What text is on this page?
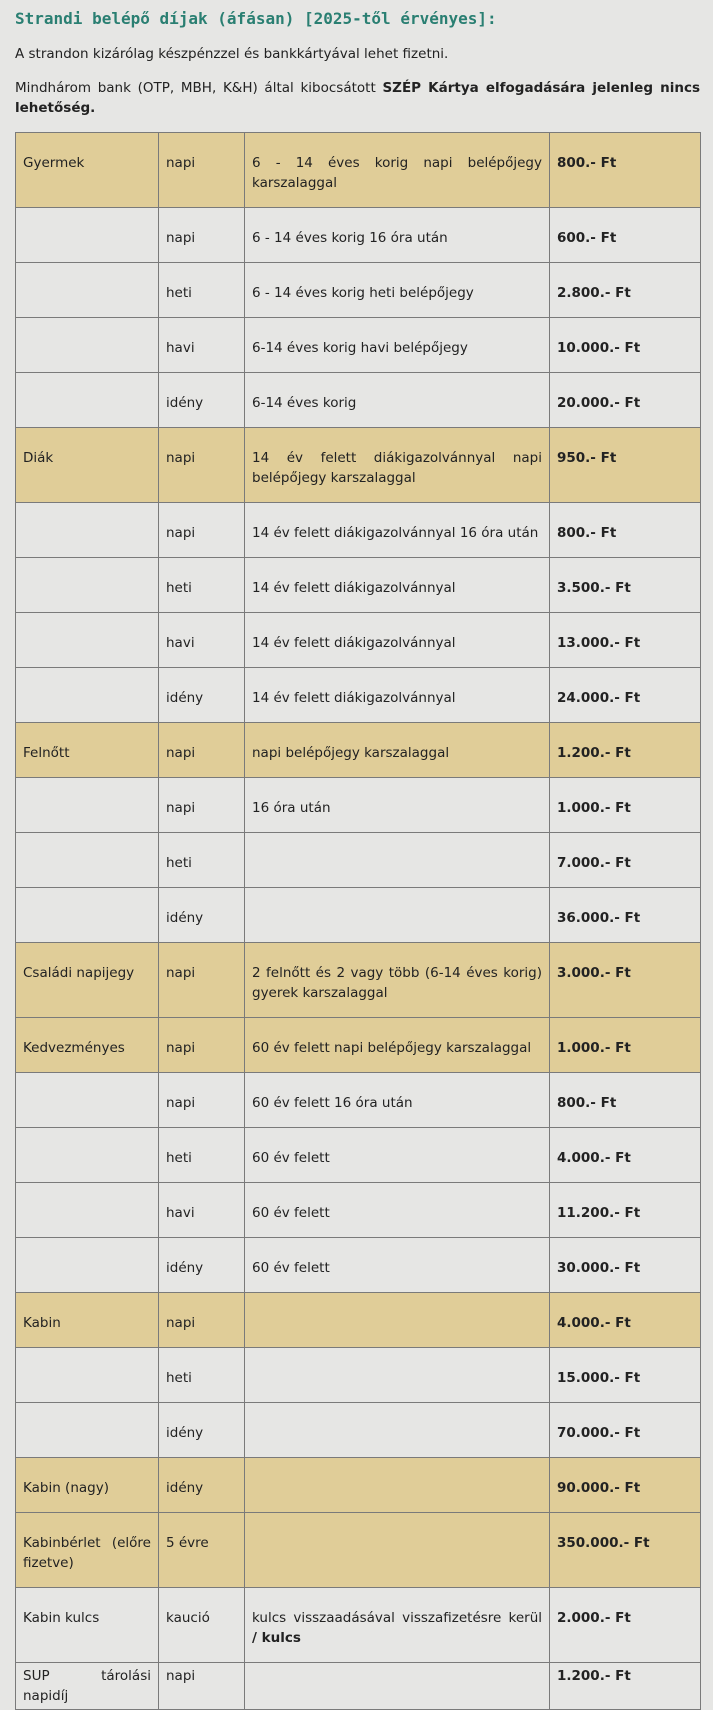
Strandi belépő díjak (áfásan) [2025-től érvényes]:

A strandon kizárólag készpénzzel és bankkártyával lehet fizetni.

Mindhárom bank (OTP, MBH, K&H) által kibocsátott SZÉP Kártya elfogadására jelenleg nincs lehetőség.

Gyermek	napi	6 - 14 éves korig napi belépőjegy karszalaggal	800.- Ft
	napi	6 - 14 éves korig 16 óra után	600.- Ft
	heti	6 - 14 éves korig heti belépőjegy	2.800.- Ft
	havi	6-14 éves korig havi belépőjegy	10.000.- Ft
	idény	6-14 éves korig	20.000.- Ft
Diák	napi	14 év felett diákigazolvánnyal napi belépőjegy karszalaggal	950.- Ft
	napi	14 év felett diákigazolvánnyal 16 óra után	800.- Ft
	heti	14 év felett diákigazolvánnyal	3.500.- Ft
	havi	14 év felett diákigazolvánnyal	13.000.- Ft
	idény	14 év felett diákigazolvánnyal	24.000.- Ft
Felnőtt	napi	napi belépőjegy karszalaggal	1.200.- Ft
	napi	16 óra után	1.000.- Ft
	heti		7.000.- Ft
	idény		36.000.- Ft
Családi napijegy	napi	2 felnőtt és 2 vagy több (6-14 éves korig) gyerek karszalaggal	3.000.- Ft
Kedvezményes	napi	60 év felett napi belépőjegy karszalaggal	1.000.- Ft
	napi	60 év felett 16 óra után	800.- Ft
	heti	60 év felett	4.000.- Ft
	havi	60 év felett	11.200.- Ft
	idény	60 év felett	30.000.- Ft
Kabin	napi		4.000.- Ft
	heti		15.000.- Ft
	idény		70.000.- Ft
Kabin (nagy)	idény		90.000.- Ft
Kabinbérlet (előre fizetve)	5 évre		350.000.- Ft
Kabin kulcs	kaució	kulcs visszaadásával visszafizetésre kerül / kulcs	2.000.- Ft
SUP tárolási napidíj	napi		1.200.- Ft
